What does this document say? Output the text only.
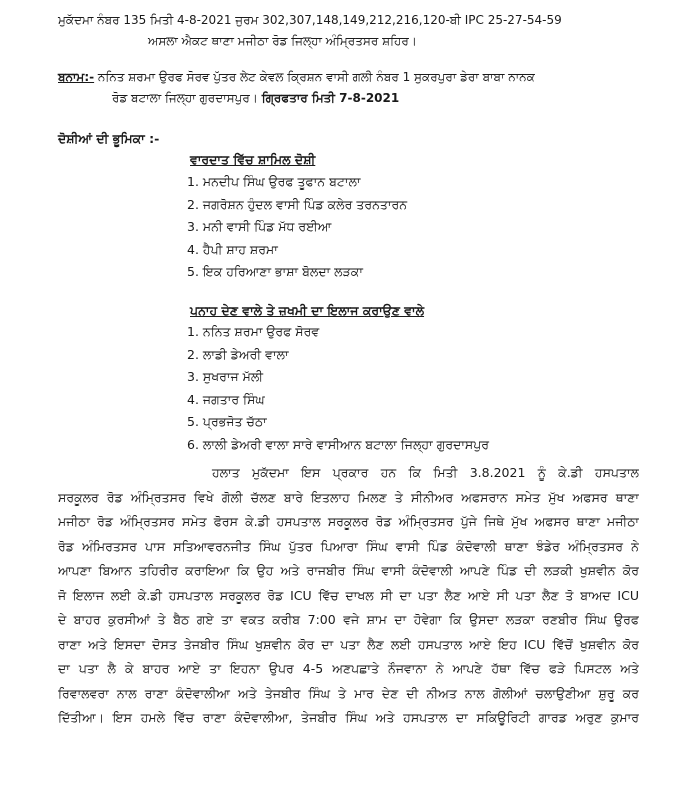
ਮੁਕੱਦਮਾ ਨੰਬਰ 135 ਮਿਤੀ 4-8-2021 ਜੁਰਮ 302,307,148,149,212,216,120-ਬੀ IPC 25-27-54-59
ਅਸਲਾ ਐਕਟ ਥਾਣਾ ਮਜੀਠਾ ਰੋਡ ਜਿਲ੍ਹਾ ਅੰਮ੍ਰਿਤਸਰ ਸ਼ਹਿਰ।
ਬਨਾਮ:- ਨਨਿਤ ਸ਼ਰਮਾ ਉਰਫ ਸੋਰਵ ਪੁੱਤਰ ਲੇਟ ਕੇਵਲ ਕ੍ਰਿਸ਼ਨ ਵਾਸੀ ਗਲੀ ਨੰਬਰ 1 ਸੁਕਰਪੁਰਾ ਡੇਰਾ ਬਾਬਾ ਨਾਨਕ
ਰੋਡ ਬਟਾਲਾ ਜਿਲ੍ਹਾ ਗੁਰਦਾਸਪੁਰ। ਗ੍ਰਿਫਤਾਰ ਮਿਤੀ 7-8-2021
ਦੋਸ਼ੀਆਂ ਦੀ ਭੂਮਿਕਾ :-
ਵਾਰਦਾਤ ਵਿੱਚ ਸ਼ਾਮਿਲ ਦੋਸ਼ੀ
1. ਮਨਦੀਪ ਸਿੰਘ ਉਰਫ ਤੂਫਾਨ ਬਟਾਲਾ
2. ਜਗਰੋਸ਼ਨ ਹੁੰਦਲ ਵਾਸੀ ਪਿੰਡ ਕਲੇਰ ਤਰਨਤਾਰਨ
3. ਮਨੀ ਵਾਸੀ ਪਿੰਡ ਮੱਧ ਰਈਆ
4. ਹੈਪੀ ਸ਼ਾਹ ਸ਼ਰਮਾ
5. ਇਕ ਹਰਿਆਣਾ ਭਾਸ਼ਾ ਬੋਲਦਾ ਲੜਕਾ
ਪਨਾਹ ਦੇਣ ਵਾਲੇ ਤੇ ਜ਼ਖਮੀ ਦਾ ਇਲਾਜ ਕਰਾਉਣ ਵਾਲੇ
1. ਨਨਿਤ ਸ਼ਰਮਾ ਉਰਫ ਸੋਰਵ
2. ਲਾਡੀ ਡੇਅਰੀ ਵਾਲਾ
3. ਸੁਖਰਾਜ ਮੱਲੀ
4. ਜਗਤਾਰ ਸਿੰਘ
5. ਪ੍ਰਭਜੋਤ ਚੱਠਾ
6. ਲਾਲੀ ਡੇਅਰੀ ਵਾਲਾ ਸਾਰੇ ਵਾਸੀਆਨ ਬਟਾਲਾ ਜਿਲ੍ਹਾ ਗੁਰਦਾਸਪੁਰ
ਹਲਾਤ ਮੁਕੱਦਮਾ ਇਸ ਪ੍ਰਕਾਰ ਹਨ ਕਿ ਮਿਤੀ 3.8.2021 ਨੂੰ ਕੇ.ਡੀ ਹਸਪਤਾਲ
ਸਰਕੂਲਰ ਰੋਡ ਅੰਮ੍ਰਿਤਸਰ ਵਿਖੇ ਗੋਲੀ ਚੱਲਣ ਬਾਰੇ ਇਤਲਾਹ ਮਿਲਣ ਤੇ ਸੀਨੀਅਰ ਅਫਸਰਾਨ ਸਮੇਤ ਮੁੱਖ ਅਫਸਰ ਥਾਣਾ
ਮਜੀਠਾ ਰੋਡ ਅੰਮ੍ਰਿਤਸਰ ਸਮੇਤ ਫੋਰਸ ਕੇ.ਡੀ ਹਸਪਤਾਲ ਸਰਕੂਲਰ ਰੋਡ ਅੰਮ੍ਰਿਤਸਰ ਪੁੱਜੇ ਜਿਥੇ ਮੁੱਖ ਅਫਸਰ ਥਾਣਾ ਮਜੀਠਾ
ਰੋਡ ਅੰਮਿਰਤਸਰ ਪਾਸ ਸਤਿਆਵਰਨਜੀਤ ਸਿੰਘ ਪੁੱਤਰ ਪਿਆਰਾ ਸਿੰਘ ਵਾਸੀ ਪਿੰਡ ਕੰਦੋਵਾਲੀ ਥਾਣਾ ਝੰਡੇਰ ਅੰਮ੍ਰਿਤਸਰ ਨੇ
ਆਪਣਾ ਬਿਆਨ ਤਹਿਰੀਰ ਕਰਾਇਆ ਕਿ ਉਹ ਅਤੇ ਰਾਜਬੀਰ ਸਿੰਘ ਵਾਸੀ ਕੰਦੋਵਾਲੀ ਆਪਣੇ ਪਿੰਡ ਦੀ ਲੜਕੀ ਖੁਸ਼ਵੀਨ ਕੋਰ
ਜੋ ਇਲਾਜ ਲਈ ਕੇ.ਡੀ ਹਸਪਤਾਲ ਸਰਕੂਲਰ ਰੋਡ ICU ਵਿੱਚ ਦਾਖਲ ਸੀ ਦਾ ਪਤਾ ਲੈਣ ਆਏ ਸੀ ਪਤਾ ਲੈਣ ਤੋ ਬਾਅਦ ICU
ਦੇ ਬਾਹਰ ਕੁਰਸੀਆਂ ਤੇ ਬੈਠ ਗਏ ਤਾ ਵਕਤ ਕਰੀਬ 7:00 ਵਜੇ ਸ਼ਾਮ ਦਾ ਹੋਵੇਗਾ ਕਿ ਉਸਦਾ ਲੜਕਾ ਰਣਬੀਰ ਸਿੰਘ ਉਰਫ
ਰਾਣਾ ਅਤੇ ਇਸਦਾ ਦੋਸਤ ਤੇਜਬੀਰ ਸਿੰਘ ਖੁਸ਼ਵੀਨ ਕੋਰ ਦਾ ਪਤਾ ਲੈਣ ਲਈ ਹਸਪਤਾਲ ਆਏ ਇਹ ICU ਵਿੱਚੋਂ ਖੁਸ਼ਵੀਨ ਕੋਰ
ਦਾ ਪਤਾ ਲੈ ਕੇ ਬਾਹਰ ਆਏ ਤਾ ਇਹਨਾ ਉਪਰ 4-5 ਅਣਪਛਾਤੇ ਨੌਜਵਾਨਾ ਨੇ ਆਪਣੇ ਹੱਥਾ ਵਿੱਚ ਫੜੇ ਪਿਸਟਲ ਅਤੇ
ਰਿਵਾਲਵਰਾ ਨਾਲ ਰਾਣਾ ਕੰਦੋਵਾਲੀਆ ਅਤੇ ਤੇਜਬੀਰ ਸਿੰਘ ਤੇ ਮਾਰ ਦੇਣ ਦੀ ਨੀਅਤ ਨਾਲ ਗੋਲੀਆਂ ਚਲਾਉਣੀਆ ਸ਼ੁਰੂ ਕਰ
ਦਿੱਤੀਆ। ਇਸ ਹਮਲੇ ਵਿੱਚ ਰਾਣਾ ਕੰਦੋਵਾਲੀਆ, ਤੇਜਬੀਰ ਸਿੰਘ ਅਤੇ ਹਸਪਤਾਲ ਦਾ ਸਕਿਊਰਿਟੀ ਗਾਰਡ ਅਰੁਣ ਕੁਮਾਰ
